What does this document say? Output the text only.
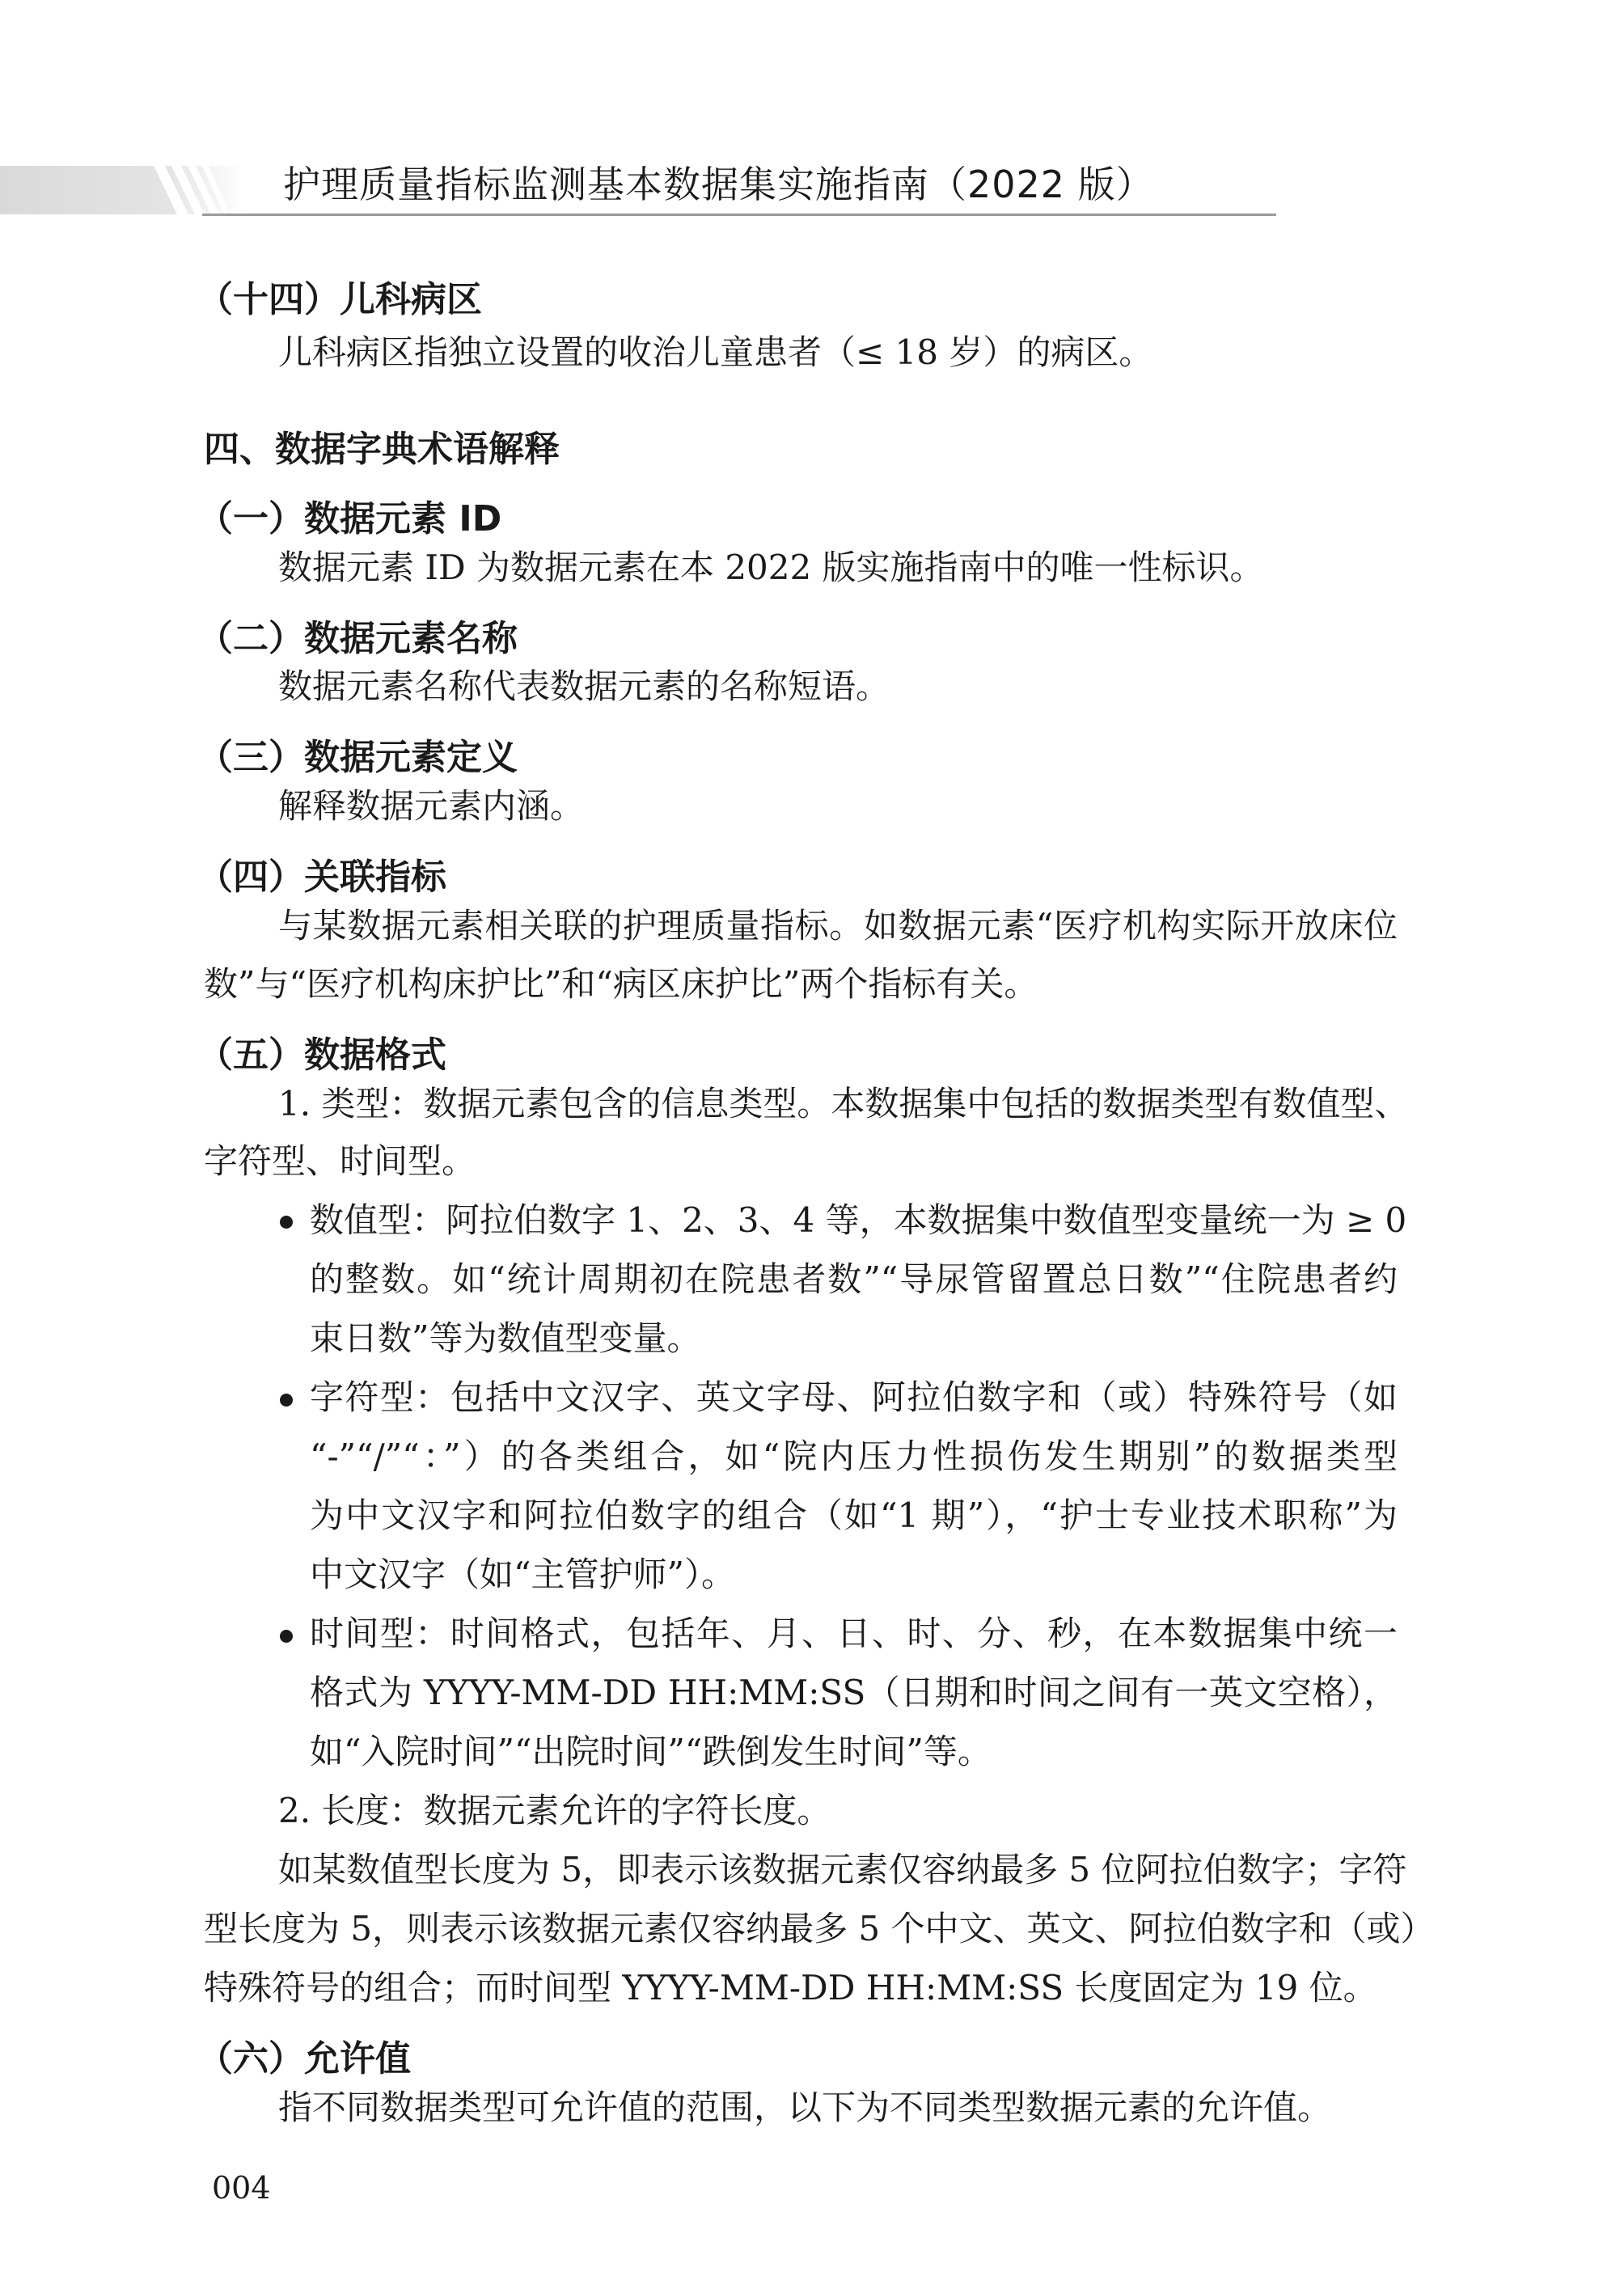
护理质量指标监测基本数据集实施指南（2022 版）
（十四）儿科病区
儿科病区指独立设置的收治儿童患者（≤ 18 岁）的病区。
四、数据字典术语解释
（一）数据元素 ID
数据元素 ID 为数据元素在本 2022 版实施指南中的唯一性标识。
（二）数据元素名称
数据元素名称代表数据元素的名称短语。
（三）数据元素定义
解释数据元素内涵。
（四）关联指标
与某数据元素相关联的护理质量指标。如数据元素“医疗机构实际开放床位
数”与“医疗机构床护比”和“病区床护比”两个指标有关。
（五）数据格式
1. 类型：数据元素包含的信息类型。本数据集中包括的数据类型有数值型、
字符型、时间型。
数值型：阿拉伯数字 1、2、3、4 等，本数据集中数值型变量统一为 ≥ 0
的整数。如“统计周期初在院患者数”“导尿管留置总日数”“住院患者约
束日数”等为数值型变量。
字符型：包括中文汉字、英文字母、阿拉伯数字和（或）特殊符号（如
“-”“/”“：”）的各类组合，如“院内压力性损伤发生期别”的数据类型
为中文汉字和阿拉伯数字的组合（如“1 期”），“护士专业技术职称”为
中文汉字（如“主管护师”）。
时间型：时间格式，包括年、月、日、时、分、秒，在本数据集中统一
格式为 YYYY-MM-DD HH:MM:SS（日期和时间之间有一英文空格），
如“入院时间”“出院时间”“跌倒发生时间”等。
2. 长度：数据元素允许的字符长度。
如某数值型长度为 5，即表示该数据元素仅容纳最多 5 位阿拉伯数字；字符
型长度为 5，则表示该数据元素仅容纳最多 5 个中文、英文、阿拉伯数字和（或）
特殊符号的组合；而时间型 YYYY-MM-DD HH:MM:SS 长度固定为 19 位。
（六）允许值
指不同数据类型可允许值的范围，以下为不同类型数据元素的允许值。
004
